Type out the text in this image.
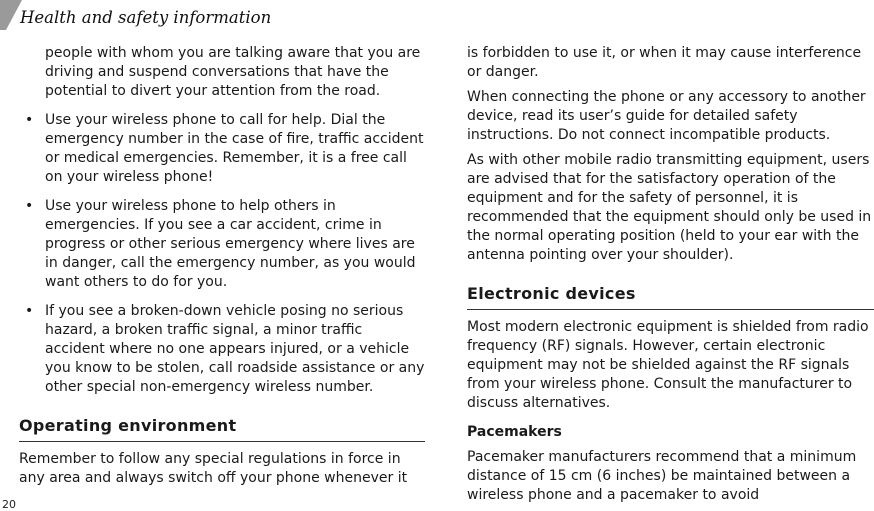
Health and safety information

people with whom you are talking aware that you are driving and suspend conversations that have the potential to divert your attention from the road.

• Use your wireless phone to call for help. Dial the emergency number in the case of fire, traffic accident or medical emergencies. Remember, it is a free call on your wireless phone!
• Use your wireless phone to help others in emergencies. If you see a car accident, crime in progress or other serious emergency where lives are in danger, call the emergency number, as you would want others to do for you.
• If you see a broken-down vehicle posing no serious hazard, a broken traffic signal, a minor traffic accident where no one appears injured, or a vehicle you know to be stolen, call roadside assistance or any other special non-emergency wireless number.
Operating environment

Remember to follow any special regulations in force in any area and always switch off your phone whenever it

is forbidden to use it, or when it may cause interference or danger.

When connecting the phone or any accessory to another device, read its user’s guide for detailed safety instructions. Do not connect incompatible products.

As with other mobile radio transmitting equipment, users are advised that for the satisfactory operation of the equipment and for the safety of personnel, it is recommended that the equipment should only be used in the normal operating position (held to your ear with the antenna pointing over your shoulder).

Electronic devices

Most modern electronic equipment is shielded from radio frequency (RF) signals. However, certain electronic equipment may not be shielded against the RF signals from your wireless phone. Consult the manufacturer to discuss alternatives.

Pacemakers

Pacemaker manufacturers recommend that a minimum distance of 15 cm (6 inches) be maintained between a wireless phone and a pacemaker to avoid

20
